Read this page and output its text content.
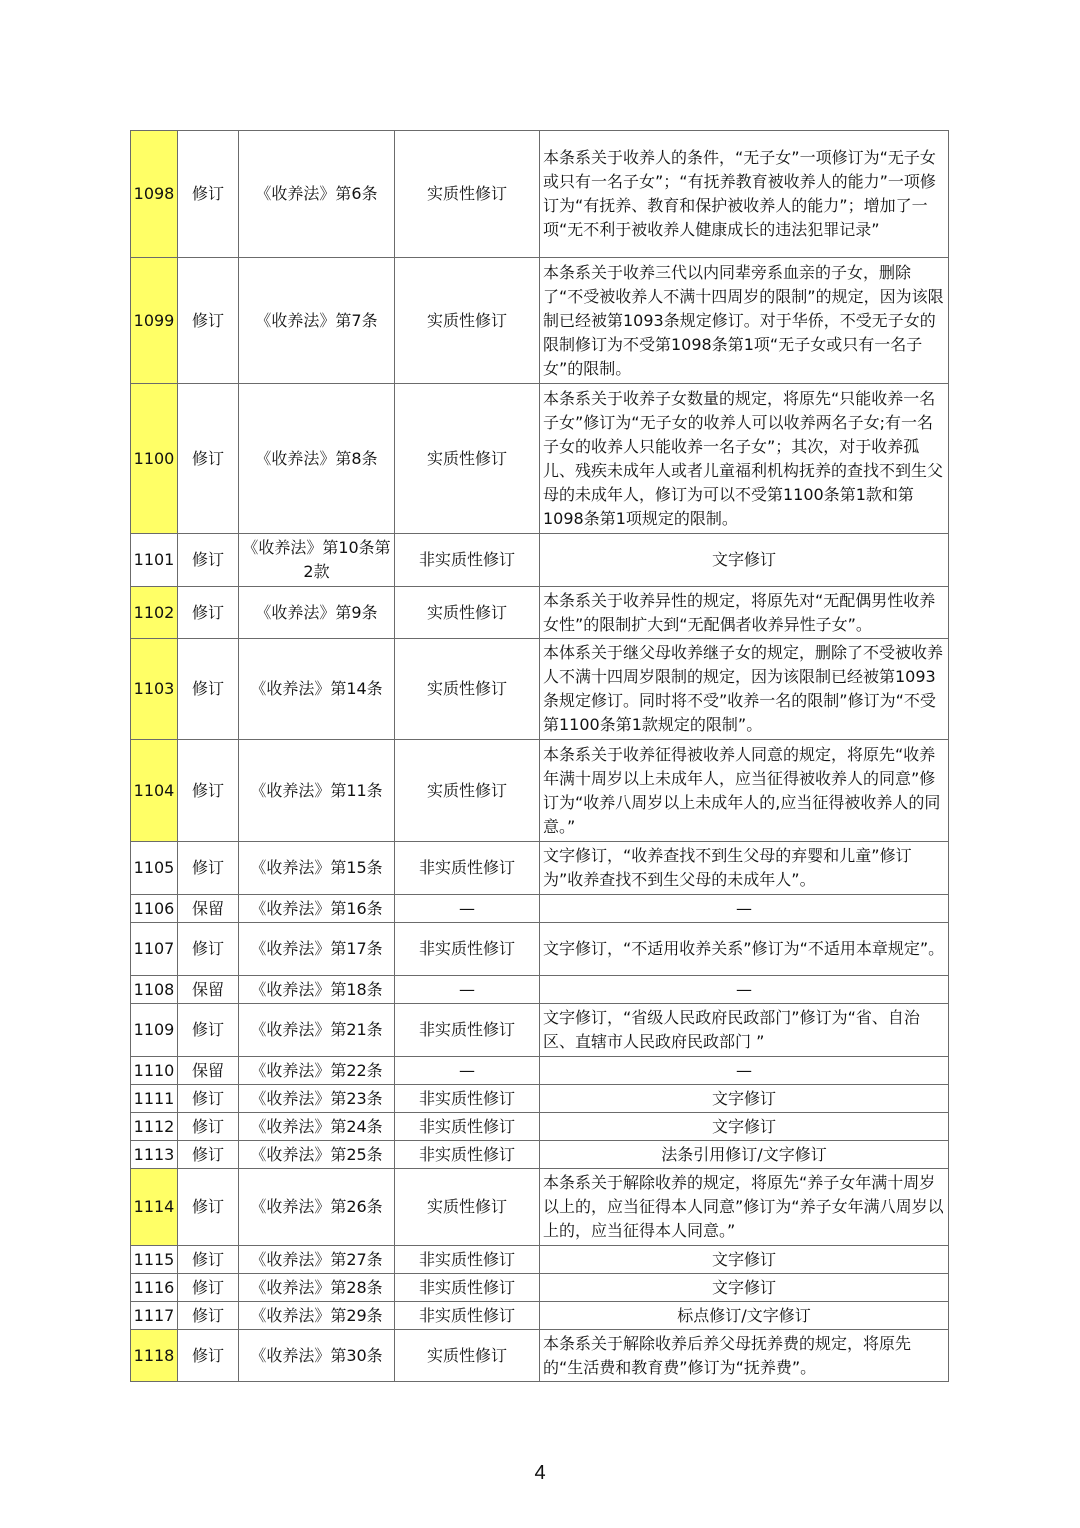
1098	修订	《收养法》第6条	实质性修订	本条系关于收养人的条件，“无子女”一项修订为“无子女或只有一名子女”；“有抚养教育被收养人的能力”一项修订为“有抚养、教育和保护被收养人的能力”；增加了一项“无不利于被收养人健康成长的违法犯罪记录”
1099	修订	《收养法》第7条	实质性修订	本条系关于收养三代以内同辈旁系血亲的子女，删除了“不受被收养人不满十四周岁的限制”的规定，因为该限制已经被第1093条规定修订。对于华侨，不受无子女的限制修订为不受第1098条第1项“无子女或只有一名子女”的限制。
1100	修订	《收养法》第8条	实质性修订	本条系关于收养子女数量的规定，将原先“只能收养一名子女”修订为“无子女的收养人可以收养两名子女;有一名 子女的收养人只能收养一名子女”；其次，对于收养孤儿、残疾未成年人或者儿童福利机构抚养的查找不到生父母的未成年人，修订为可以不受第1100条第1款和第1098条第1项规定的限制。
1101	修订	《收养法》第10条第2款	非实质性修订	文字修订
1102	修订	《收养法》第9条	实质性修订	本条系关于收养异性的规定，将原先对“无配偶男性收养女性”的限制扩大到“无配偶者收养异性子女”。
1103	修订	《收养法》第14条	实质性修订	本体系关于继父母收养继子女的规定，删除了不受被收养人不满十四周岁限制的规定，因为该限制已经被第1093条规定修订。同时将不受”收养一名的限制”修订为“不受第1100条第1款规定的限制”。
1104	修订	《收养法》第11条	实质性修订	本条系关于收养征得被收养人同意的规定，将原先“收养年满十周岁以上未成年人，应当征得被收养人的同意”修订为“收养八周岁以上未成年人的,应当征得被收养人的同意。”
1105	修订	《收养法》第15条	非实质性修订	文字修订，“收养查找不到生父母的弃婴和儿童”修订为”收养查找不到生父母的未成年人”。
1106	保留	《收养法》第16条	—	—
1107	修订	《收养法》第17条	非实质性修订	文字修订，“不适用收养关系”修订为“不适用本章规定”。
1108	保留	《收养法》第18条	—	—
1109	修订	《收养法》第21条	非实质性修订	文字修订，“省级人民政府民政部门”修订为“省、自治区、直辖市人民政府民政部门 ”
1110	保留	《收养法》第22条	—	—
1111	修订	《收养法》第23条	非实质性修订	文字修订
1112	修订	《收养法》第24条	非实质性修订	文字修订
1113	修订	《收养法》第25条	非实质性修订	法条引用修订/文字修订
1114	修订	《收养法》第26条	实质性修订	本条系关于解除收养的规定，将原先“养子女年满十周岁以上的，应当征得本人同意”修订为“养子女年满八周岁以上的，应当征得本人同意。”
1115	修订	《收养法》第27条	非实质性修订	文字修订
1116	修订	《收养法》第28条	非实质性修订	文字修订
1117	修订	《收养法》第29条	非实质性修订	标点修订/文字修订
1118	修订	《收养法》第30条	实质性修订	本条系关于解除收养后养父母抚养费的规定，将原先的“生活费和教育费”修订为“抚养费”。
4
